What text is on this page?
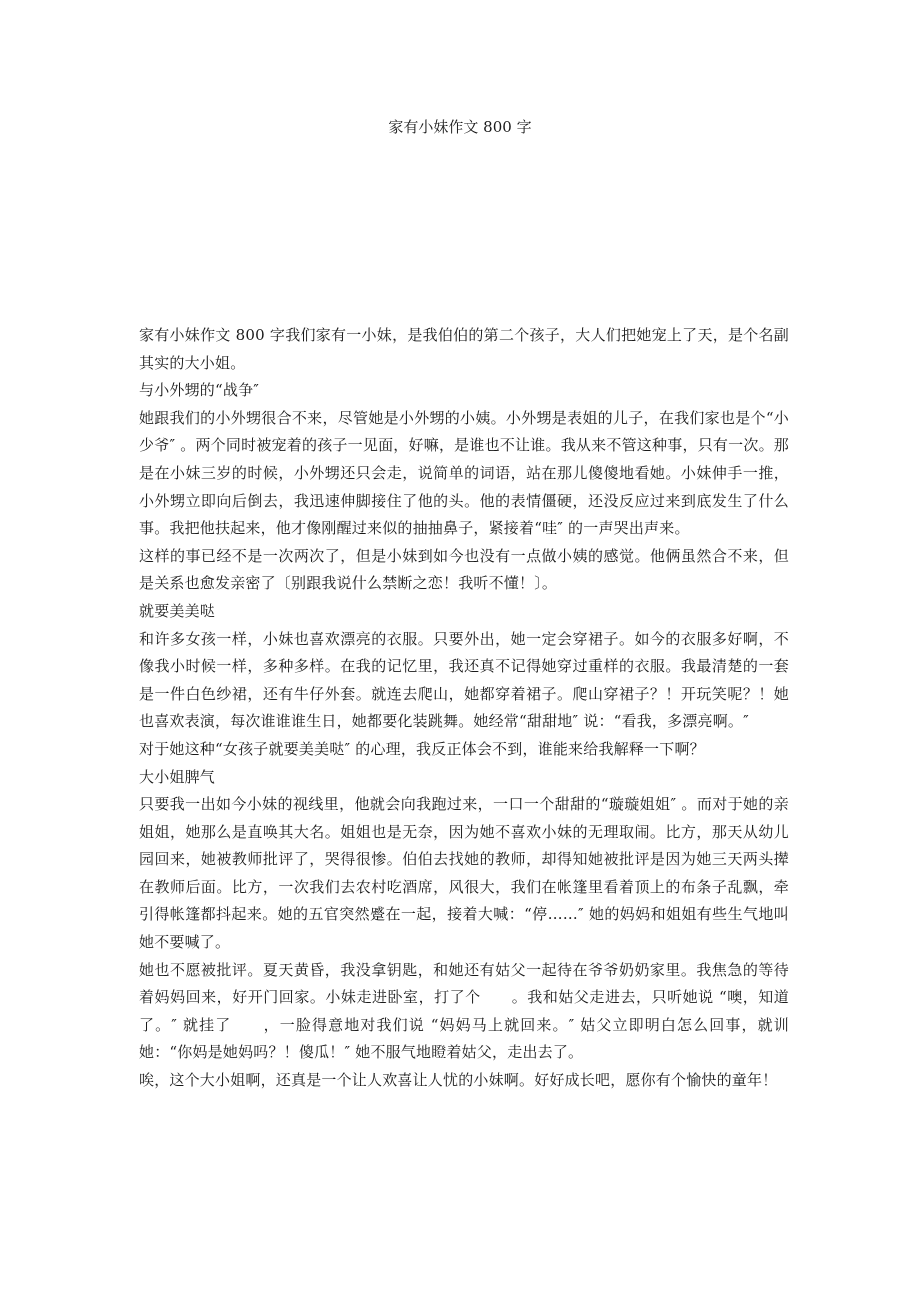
家有小妹作文 800 字

家有小妹作文 800 字我们家有一小妹，是我伯伯的第二个孩子，大人们把她宠上了天，是个名副其实的大小姐。

与小外甥的“战争″

她跟我们的小外甥很合不来，尽管她是小外甥的小姨。小外甥是表姐的儿子，在我们家也是个“小少爷″ 。两个同时被宠着的孩子一见面，好嘛，是谁也不让谁。我从来不管这种事，只有一次。那是在小妹三岁的时候，小外甥还只会走，说简单的词语，站在那儿傻傻地看她。小妹伸手一推，小外甥立即向后倒去，我迅速伸脚接住了他的头。他的表情僵硬，还没反应过来到底发生了什么事。我把他扶起来，他才像刚醒过来似的抽抽鼻子，紧接着“哇″ 的一声哭出声来。

这样的事已经不是一次两次了，但是小妹到如今也没有一点做小姨的感觉。他俩虽然合不来，但是关系也愈发亲密了〔别跟我说什么禁断之恋！我听不懂！〕。

就要美美哒

和许多女孩一样，小妹也喜欢漂亮的衣服。只要外出，她一定会穿裙子。如今的衣服多好啊，不像我小时候一样，多种多样。在我的记忆里，我还真不记得她穿过重样的衣服。我最清楚的一套是一件白色纱裙，还有牛仔外套。就连去爬山，她都穿着裙子。爬山穿裙子？！开玩笑呢？！她也喜欢表演，每次谁谁谁生日，她都要化装跳舞。她经常“甜甜地″ 说：“看我，多漂亮啊。″

对于她这种“女孩子就要美美哒″ 的心理，我反正体会不到，谁能来给我解释一下啊？

大小姐脾气

只要我一出如今小妹的视线里，他就会向我跑过来，一口一个甜甜的“璇璇姐姐″ 。而对于她的亲姐姐，她那么是直唤其大名。姐姐也是无奈，因为她不喜欢小妹的无理取闹。比方，那天从幼儿园回来，她被教师批评了，哭得很惨。伯伯去找她的教师，却得知她被批评是因为她三天两头撵在教师后面。比方，一次我们去农村吃酒席，风很大，我们在帐篷里看着顶上的布条子乱飘，牵引得帐篷都抖起来。她的五官突然蹙在一起，接着大喊：“停……″ 她的妈妈和姐姐有些生气地叫她不要喊了。

她也不愿被批评。夏天黄昏，我没拿钥匙，和她还有姑父一起待在爷爷奶奶家里。我焦急的等待着妈妈回来，好开门回家。小妹走进卧室，打了个　　。我和姑父走进去，只听她说 “噢，知道了。″ 就挂了　　，一脸得意地对我们说 “妈妈马上就回来。″ 姑父立即明白怎么回事，就训她：“你妈是她妈吗？！傻瓜！″ 她不服气地瞪着姑父，走出去了。

唉，这个大小姐啊，还真是一个让人欢喜让人忧的小妹啊。好好成长吧，愿你有个愉快的童年！
